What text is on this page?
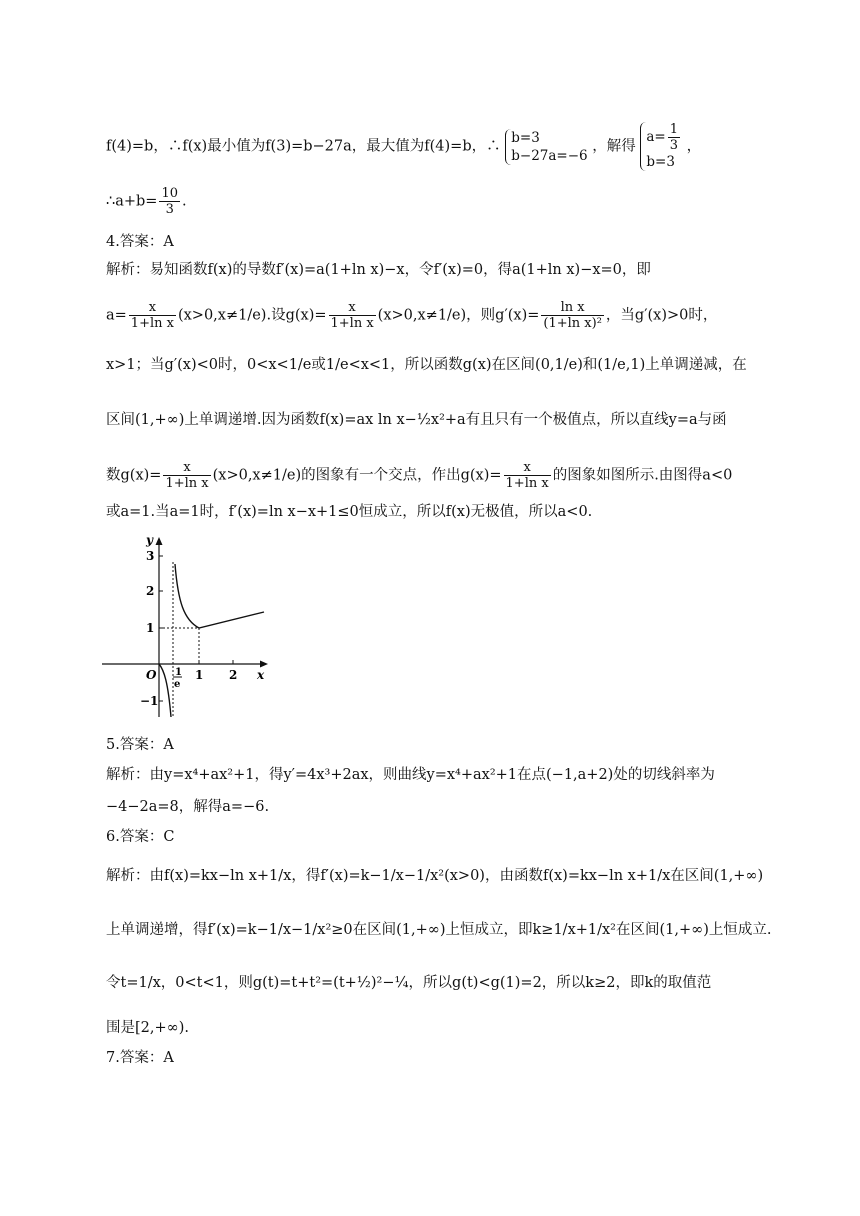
f(4)=b，∴f(x)最小值为f(3)=b−27a，最大值为f(4)=b，∴
b=3
b−27a=−6
，解得
$a= \frac{1}{3}$
b=3
，
∴a+b= $\frac{10}{3}$ .
4.答案：A
解析：易知函数f(x)的导数f′(x)=a(1+ln x)−x，令f′(x)=0，得a(1+ln x)−x=0，即
$a= \frac{x}{\text{1+ln x}} (x>0,x\ne 1/e)$.设$g(x)= \frac{x}{\text{1+ln x}} (x>0,x\ne 1/e)$，则$g'(x)= \frac{\text{ln x}}{\text{(1+ln x)²}}$ ，当g′(x)>0时，
x>1；当g′(x)<0时，0<x<1/e或1/e<x<1，所以函数g(x)在区间(0,1/e)和(1/e,1)上单调递减，在
区间(1,+∞)上单调递增.因为函数f(x)=ax ln x−½x²+a有且只有一个极值点，所以直线y=a与函
数$g(x)= \frac{x}{\text{1+ln x}} (x>0,x\ne 1/e)$的图象有一个交点，作出$g(x)= \frac{x}{\text{1+ln x}}$ 的图象如图所示.由图得a<0
或a=1.当a=1时，f′(x)=ln x−x+1≤0恒成立，所以f(x)无极值，所以a<0.
y
x
O
3
2
1
−1
1 2
1
e
5.答案：A
解析：由y=x⁴+ax²+1，得y′=4x³+2ax，则曲线y=x⁴+ax²+1在点(−1,a+2)处的切线斜率为
−4−2a=8，解得a=−6.
6.答案：C
解析：由f(x)=kx−ln x+1/x，得f′(x)=k−1/x−1/x²(x>0)，由函数f(x)=kx−ln x+1/x在区间(1,+∞)
上单调递增，得f′(x)=k−1/x−1/x²≥0在区间(1,+∞)上恒成立，即k≥1/x+1/x²在区间(1,+∞)上恒成立.
令t=1/x，0<t<1，则g(t)=t+t²=(t+½)²−¼，所以g(t)<g(1)=2，所以k≥2，即k的取值范
围是[2,+∞).
7.答案：A
